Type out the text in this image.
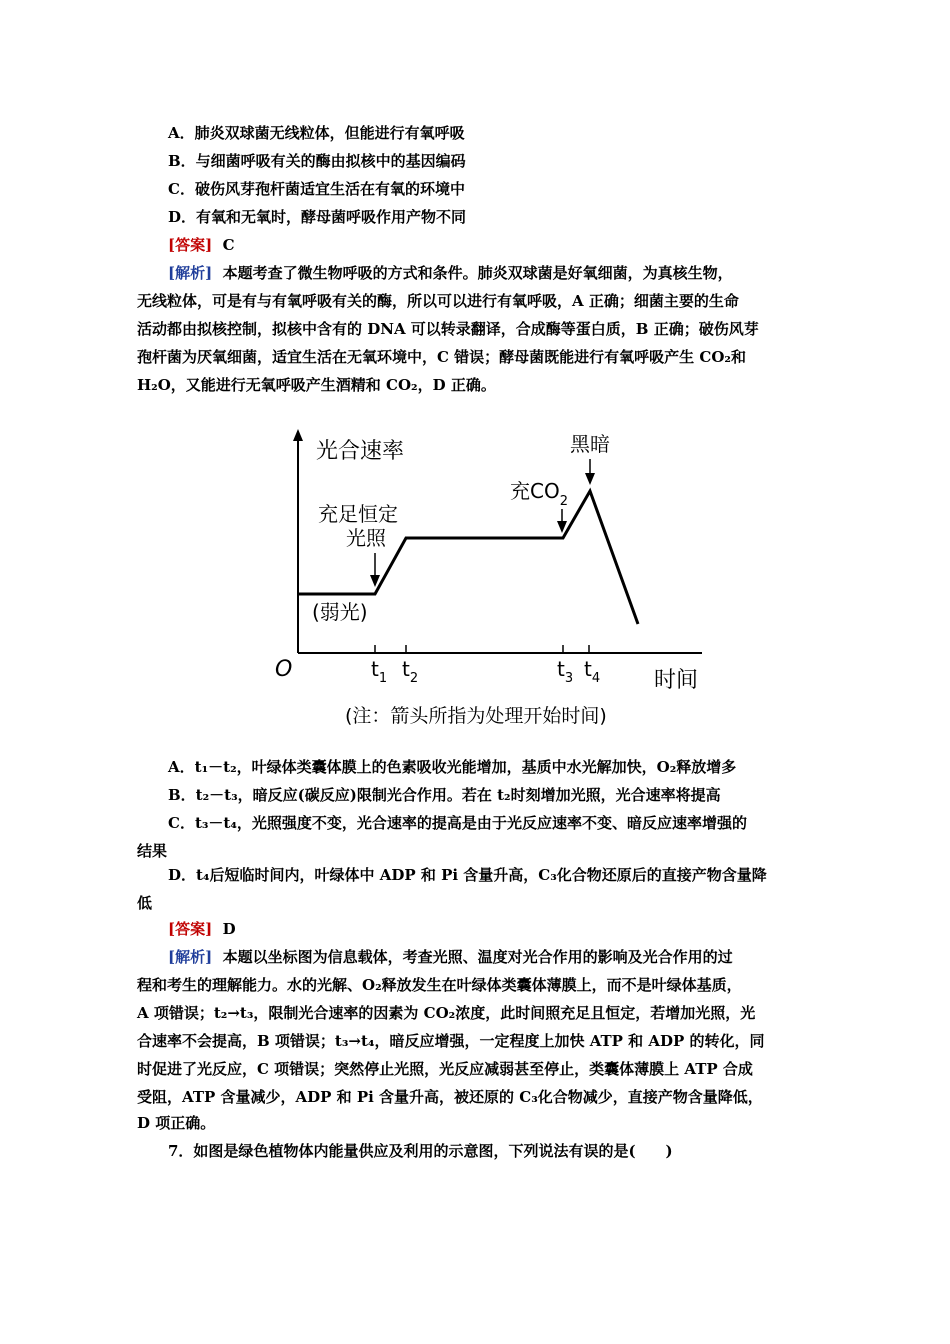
A．肺炎双球菌无线粒体，但能进行有氧呼吸
B．与细菌呼吸有关的酶由拟核中的基因编码
C．破伤风芽孢杆菌适宜生活在有氧的环境中
D．有氧和无氧时，酵母菌呼吸作用产物不同
[答案] C
[解析] 本题考查了微生物呼吸的方式和条件。肺炎双球菌是好氧细菌，为真核生物，
无线粒体，可是有与有氧呼吸有关的酶，所以可以进行有氧呼吸，A 正确；细菌主要的生命
活动都由拟核控制，拟核中含有的 DNA 可以转录翻译，合成酶等蛋白质，B 正确；破伤风芽
孢杆菌为厌氧细菌，适宜生活在无氧环境中，C 错误；酵母菌既能进行有氧呼吸产生 CO₂和
H₂O，又能进行无氧呼吸产生酒精和 CO₂，D 正确。
光合速率
时间
O	$t_1$ $t_2$	$t_3$ $t_4$
(弱光)
充足恒定
光照
充$CO_2$
黑暗
(注：箭头所指为处理开始时间)
A．t₁－t₂，叶绿体类囊体膜上的色素吸收光能增加，基质中水光解加快，O₂释放增多
B．t₂－t₃，暗反应(碳反应)限制光合作用。若在 t₂时刻增加光照，光合速率将提高
C．t₃－t₄，光照强度不变，光合速率的提高是由于光反应速率不变、暗反应速率增强的
结果
D．t₄后短临时间内，叶绿体中 ADP 和 Pi 含量升高，C₃化合物还原后的直接产物含量降
低
[答案] D
[解析] 本题以坐标图为信息载体，考查光照、温度对光合作用的影响及光合作用的过
程和考生的理解能力。水的光解、O₂释放发生在叶绿体类囊体薄膜上，而不是叶绿体基质，
A 项错误；t₂→t₃，限制光合速率的因素为 CO₂浓度，此时间照充足且恒定，若增加光照，光
合速率不会提高，B 项错误；t₃→t₄，暗反应增强，一定程度上加快 ATP 和 ADP 的转化，同
时促进了光反应，C 项错误；突然停止光照，光反应减弱甚至停止，类囊体薄膜上 ATP 合成
受阻，ATP 含量减少，ADP 和 Pi 含量升高，被还原的 C₃化合物减少，直接产物含量降低，
D 项正确。
7．如图是绿色植物体内能量供应及利用的示意图，下列说法有误的是(　　)
